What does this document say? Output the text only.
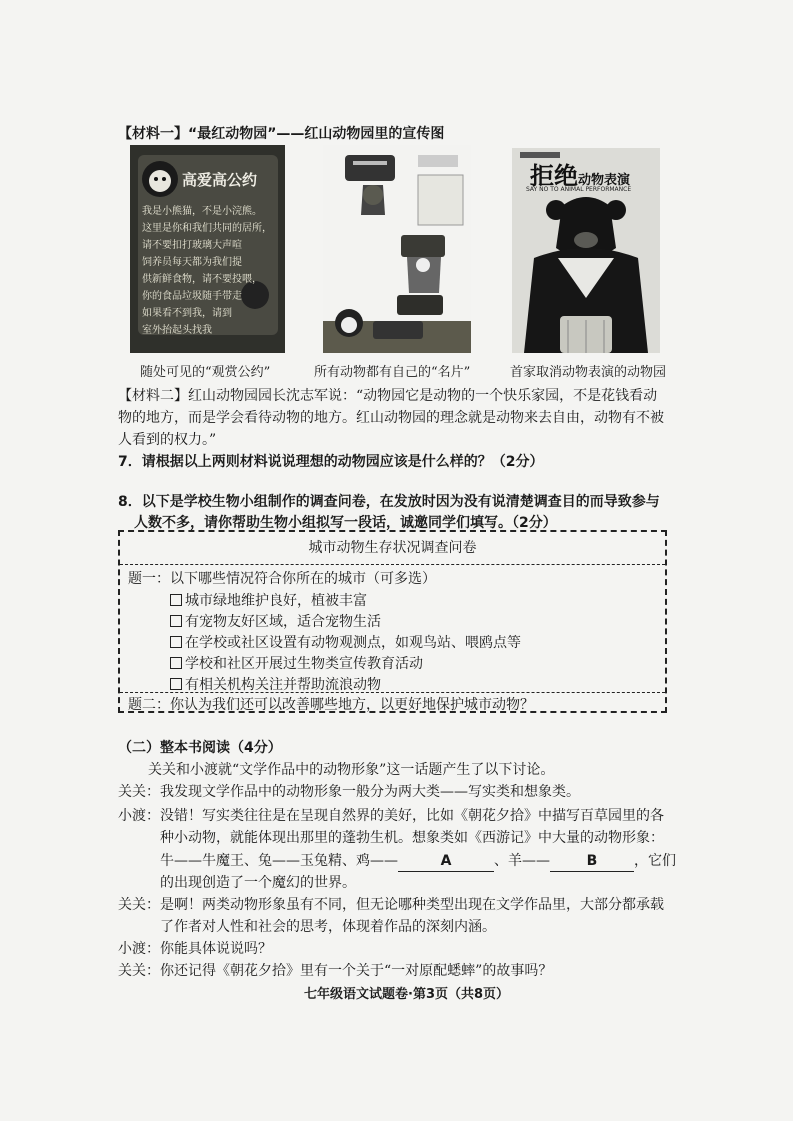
【材料一】“最红动物园”——红山动物园里的宣传图
高爱高公约
我是小熊猫，不是小浣熊。
这里是你和我们共同的居所，
请不要扣打玻璃大声喧
饲养员每天都为我们提
供新鲜食物，请不要投喂，
你的食品垃圾随手带走
如果看不到我，请到
室外抬起头找我
随处可见的“观赏公约”	所有动物都有自己的“名片”
拒绝动物表演
SAY NO TO ANIMAL PERFORMANCE
首家取消动物表演的动物园
【材料二】红山动物园园长沈志军说：“动物园它是动物的一个快乐家园，不是花钱看动
物的地方，而是学会看待动物的地方。红山动物园的理念就是动物来去自由，动物有不被
人看到的权力。”
7．请根据以上两则材料说说理想的动物园应该是什么样的？（2分）
8．以下是学校生物小组制作的调查问卷，在发放时因为没有说清楚调查目的而导致参与
人数不多，请你帮助生物小组拟写一段话，诚邀同学们填写。（2分）
城市动物生存状况调查问卷
题一：以下哪些情况符合你所在的城市（可多选）
城市绿地维护良好，植被丰富
有宠物友好区域，适合宠物生活
在学校或社区设置有动物观测点，如观鸟站、喂鸥点等
学校和社区开展过生物类宣传教育活动
有相关机构关注并帮助流浪动物
题二：你认为我们还可以改善哪些地方，以更好地保护城市动物？
（二）整本书阅读（4分）
关关和小渡就“文学作品中的动物形象”这一话题产生了以下讨论。
关关：我发现文学作品中的动物形象一般分为两大类——写实类和想象类。
小渡：没错！写实类往往是在呈现自然界的美好，比如《朝花夕拾》中描写百草园里的各
种小动物，就能体现出那里的蓬勃生机。想象类如《西游记》中大量的动物形象：
牛——牛魔王、兔——玉兔精、鸡——	A	、羊——	B	，它们
的出现创造了一个魔幻的世界。
关关：是啊！两类动物形象虽有不同，但无论哪种类型出现在文学作品里，大部分都承载
了作者对人性和社会的思考，体现着作品的深刻内涵。
小渡：你能具体说说吗？
关关：你还记得《朝花夕拾》里有一个关于“一对原配蟋蟀”的故事吗？
七年级语文试题卷·第3页（共8页）
